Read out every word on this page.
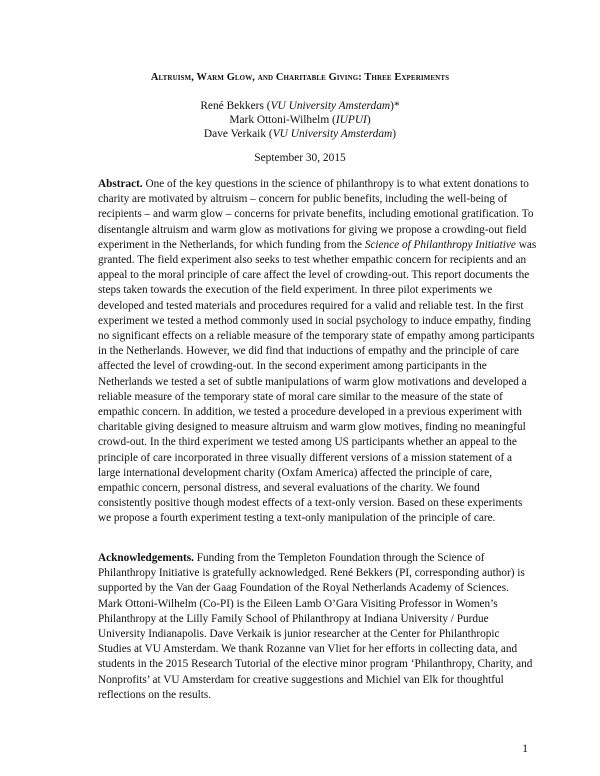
Altruism, Warm Glow, and Charitable Giving: Three Experiments
René Bekkers (VU University Amsterdam)*
Mark Ottoni-Wilhelm (IUPUI)
Dave Verkaik (VU University Amsterdam)
September 30, 2015
Abstract. One of the key questions in the science of philanthropy is to what extent donations to
charity are motivated by altruism – concern for public benefits, including the well-being of
recipients – and warm glow – concerns for private benefits, including emotional gratification. To
disentangle altruism and warm glow as motivations for giving we propose a crowding-out field
experiment in the Netherlands, for which funding from the Science of Philanthropy Initiative was
granted. The field experiment also seeks to test whether empathic concern for recipients and an
appeal to the moral principle of care affect the level of crowding-out. This report documents the
steps taken towards the execution of the field experiment. In three pilot experiments we
developed and tested materials and procedures required for a valid and reliable test. In the first
experiment we tested a method commonly used in social psychology to induce empathy, finding
no significant effects on a reliable measure of the temporary state of empathy among participants
in the Netherlands. However, we did find that inductions of empathy and the principle of care
affected the level of crowding-out. In the second experiment among participants in the
Netherlands we tested a set of subtle manipulations of warm glow motivations and developed a
reliable measure of the temporary state of moral care similar to the measure of the state of
empathic concern. In addition, we tested a procedure developed in a previous experiment with
charitable giving designed to measure altruism and warm glow motives, finding no meaningful
crowd-out. In the third experiment we tested among US participants whether an appeal to the
principle of care incorporated in three visually different versions of a mission statement of a
large international development charity (Oxfam America) affected the principle of care,
empathic concern, personal distress, and several evaluations of the charity. We found
consistently positive though modest effects of a text-only version. Based on these experiments
we propose a fourth experiment testing a text-only manipulation of the principle of care.
Acknowledgements. Funding from the Templeton Foundation through the Science of
Philanthropy Initiative is gratefully acknowledged. René Bekkers (PI, corresponding author) is
supported by the Van der Gaag Foundation of the Royal Netherlands Academy of Sciences.
Mark Ottoni-Wilhelm (Co-PI) is the Eileen Lamb O’Gara Visiting Professor in Women’s
Philanthropy at the Lilly Family School of Philanthropy at Indiana University / Purdue
University Indianapolis. Dave Verkaik is junior researcher at the Center for Philanthropic
Studies at VU Amsterdam. We thank Rozanne van Vliet for her efforts in collecting data, and
students in the 2015 Research Tutorial of the elective minor program ‘Philanthropy, Charity, and
Nonprofits’ at VU Amsterdam for creative suggestions and Michiel van Elk for thoughtful
reflections on the results.
1
